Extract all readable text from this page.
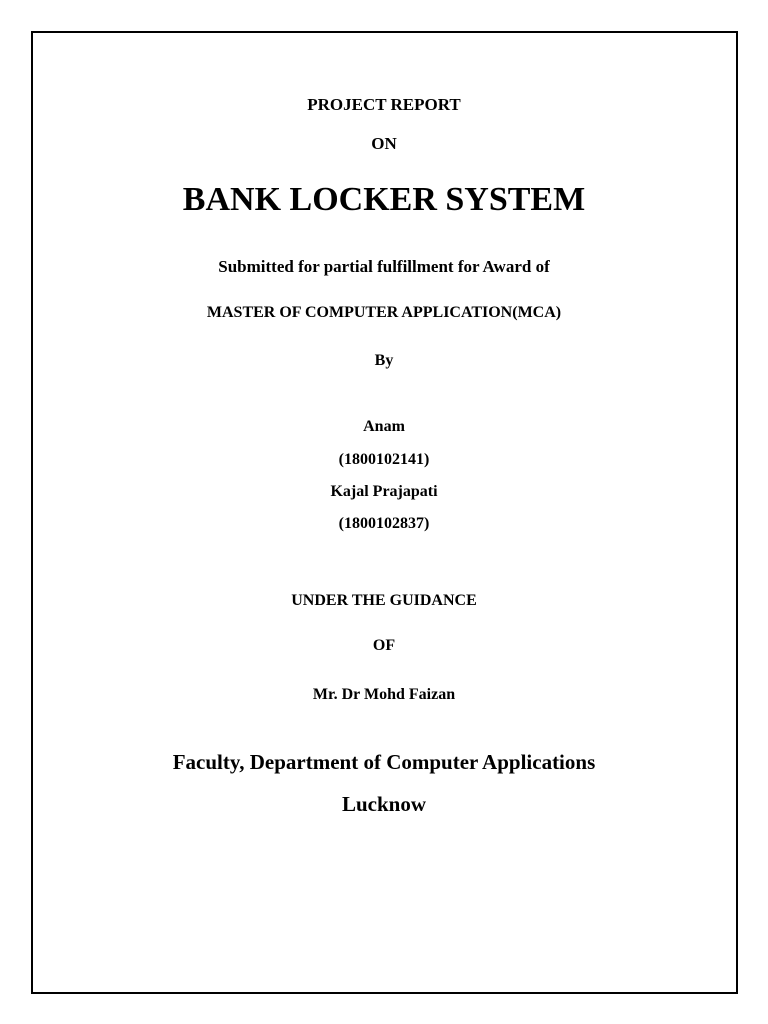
PROJECT REPORT
ON
BANK LOCKER SYSTEM
Submitted for partial fulfillment for Award of
MASTER OF COMPUTER APPLICATION(MCA)
By
Anam
(1800102141)
Kajal Prajapati
(1800102837)
UNDER THE GUIDANCE
OF
Mr. Dr Mohd Faizan
Faculty, Department of Computer Applications
Lucknow
